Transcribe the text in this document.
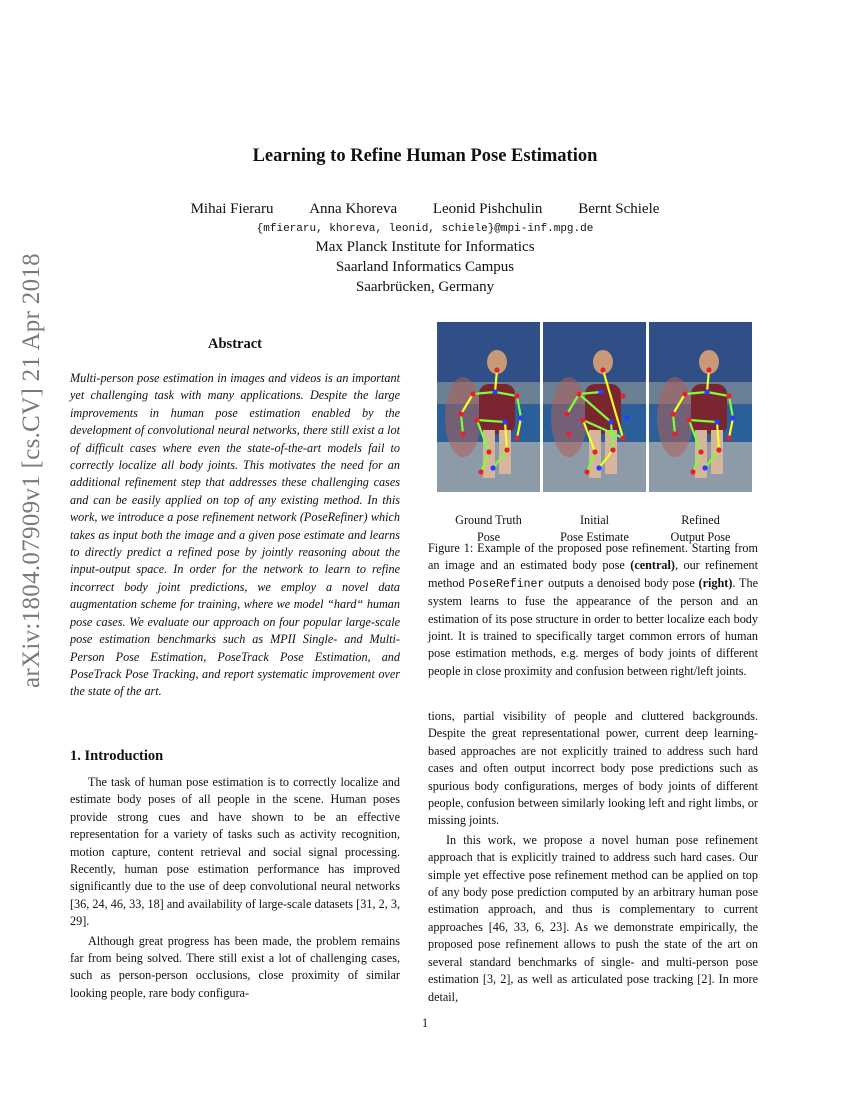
Learning to Refine Human Pose Estimation
Mihai Fieraru Anna Khoreva Leonid Pishchulin Bernt Schiele
{mfieraru, khoreva, leonid, schiele}@mpi-inf.mpg.de
Max Planck Institute for Informatics
Saarland Informatics Campus
Saarbrücken, Germany
arXiv:1804.07909v1 [cs.CV] 21 Apr 2018	Abstract

Multi-person pose estimation in images and videos is an important yet challenging task with many applications. Despite the large improvements in human pose estimation enabled by the development of convolutional neural networks, there still exist a lot of difficult cases where even the state-of-the-art models fail to correctly localize all body joints. This motivates the need for an additional refinement step that addresses these challenging cases and can be easily applied on top of any existing method. In this work, we introduce a pose refinement network (PoseRefiner) which takes as input both the image and a given pose estimate and learns to directly predict a refined pose by jointly reasoning about the input-output space. In order for the network to learn to refine incorrect body joint predictions, we employ a novel data augmentation scheme for training, where we model “hard“ human pose cases. We evaluate our approach on four popular large-scale pose estimation benchmarks such as MPII Single- and Multi-Person Pose Estimation, PoseTrack Pose Estimation, and PoseTrack Pose Tracking, and report systematic improvement over the state of the art.

1. Introduction

The task of human pose estimation is to correctly localize and estimate body poses of all people in the scene. Human poses provide strong cues and have shown to be an effective representation for a variety of tasks such as activity recognition, motion capture, content retrieval and social signal processing. Recently, human pose estimation performance has improved significantly due to the use of deep convolutional neural networks [36, 24, 46, 33, 18] and availability of large-scale datasets [31, 2, 3, 29].

Although great progress has been made, the problem remains far from being solved. There still exist a lot of challenging cases, such as person-person occlusions, close proximity of similar looking people, rare body configura-

Ground Truth
Pose
Initial
Pose Estimate
Refined
Output Pose

Figure 1: Example of the proposed pose refinement. Starting from an image and an estimated body pose (central), our refinement method PoseRefiner outputs a denoised body pose (right). The system learns to fuse the appearance of the person and an estimation of its pose structure in order to better localize each body joint. It is trained to specifically target common errors of human pose estimation methods, e.g. merges of body joints of different people in close proximity and confusion between right/left joints.

tions, partial visibility of people and cluttered backgrounds. Despite the great representational power, current deep learning-based approaches are not explicitly trained to address such hard cases and often output incorrect body pose predictions such as spurious body configurations, merges of body joints of different people, confusion between similarly looking left and right limbs, or missing joints.

In this work, we propose a novel human pose refinement approach that is explicitly trained to address such hard cases. Our simple yet effective pose refinement method can be applied on top of any body pose prediction computed by an arbitrary human pose estimation approach, and thus is complementary to current approaches [46, 33, 6, 23]. As we demonstrate empirically, the proposed pose refinement allows to push the state of the art on several standard benchmarks of single- and multi-person pose estimation [3, 2], as well as articulated pose tracking [2]. In more detail,

1
